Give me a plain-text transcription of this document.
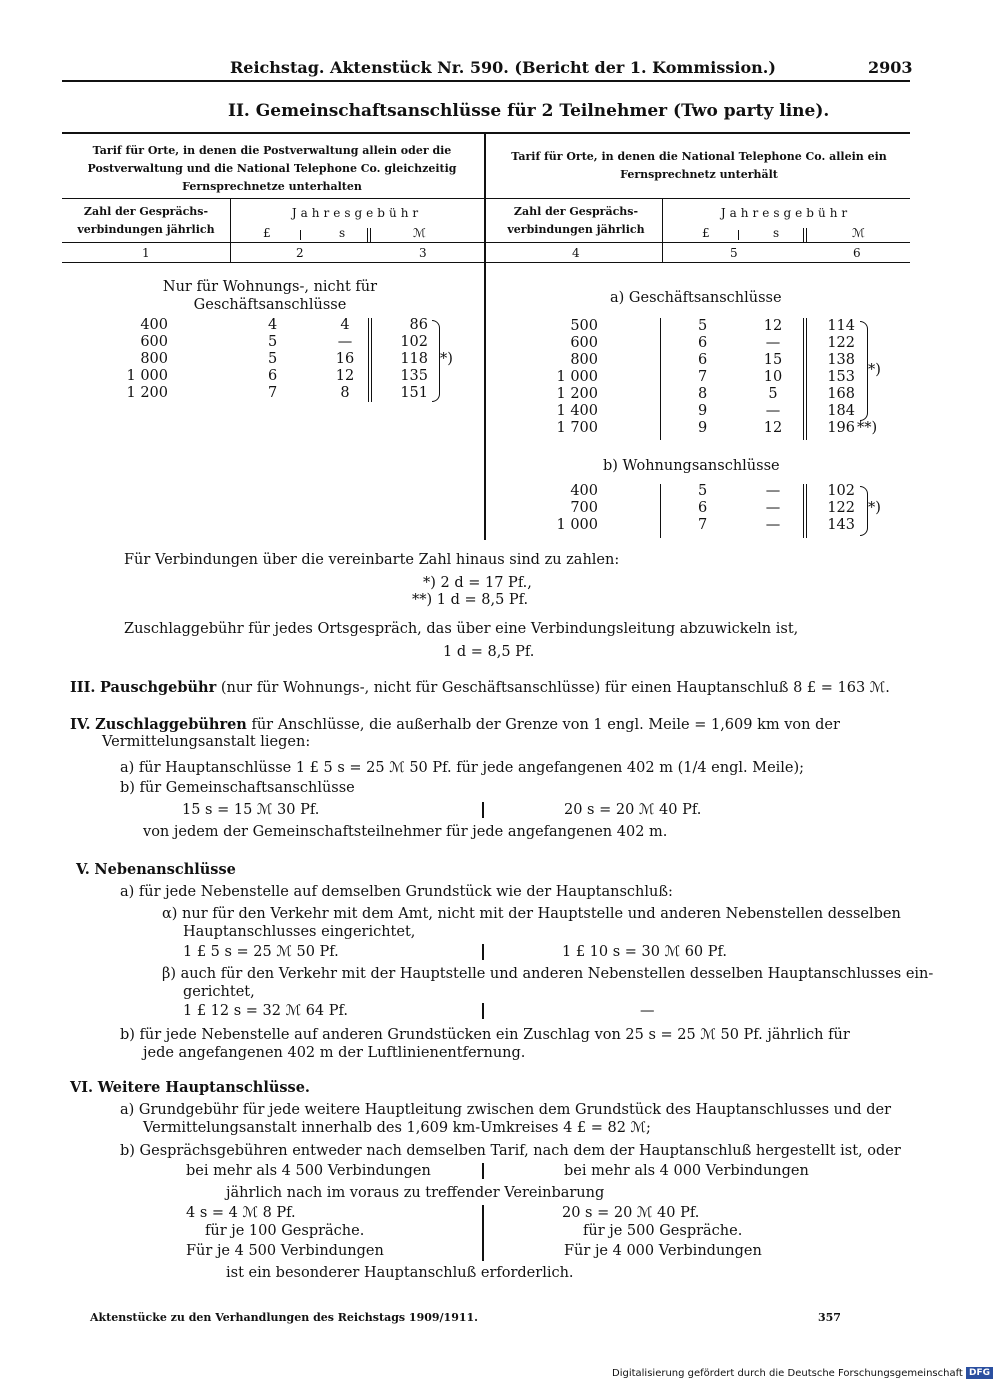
Reichstag. Aktenstück Nr. 590. (Bericht der 1. Kommission.)	2903
II. Gemeinschaftsanschlüsse für 2 Teilnehmer (Two party line).
Tarif für Orte, in denen die Postverwaltung allein oder die Postverwaltung und die National Telephone Co. gleichzeitig Fernsprechnetze unterhalten
Tarif für Orte, in denen die National Telephone Co. allein ein Fernsprechnetz unterhält
Zahl der Gesprächs-verbindungen jährlich
Jahresgebühr
£	s	ℳ
Zahl der Gesprächs-verbindungen jährlich
Jahresgebühr
£	s	ℳ
1	2	3	4	5	6
Nur für Wohnungs-, nicht für Geschäftsanschlüsse
400	4	4	86
600	5	—	102
800	5	16	118
1 000	6	12	135
1 200	7	8	151
*)
a) Geschäftsanschlüsse
500	5	12	114
600	6	—	122
800	6	15	138
1 000	7	10	153
1 200	8	5	168
1 400	9	—	184
1 700	9	12	196
*)
**)
b) Wohnungsanschlüsse
400	5	—	102
700	6	—	122
1 000	7	—	143
*)
Für Verbindungen über die vereinbarte Zahl hinaus sind zu zahlen:
*) 2 d = 17 Pf.,
**) 1 d = 8,5 Pf.
Zuschlaggebühr für jedes Ortsgespräch, das über eine Verbindungsleitung abzuwickeln ist,
1 d = 8,5 Pf.
III. Pauschgebühr (nur für Wohnungs-, nicht für Geschäftsanschlüsse) für einen Hauptanschluß 8 £ = 163 ℳ.
IV. Zuschlaggebühren für Anschlüsse, die außerhalb der Grenze von 1 engl. Meile = 1,609 km von der
Vermittelungsanstalt liegen:
a) für Hauptanschlüsse 1 £ 5 s = 25 ℳ 50 Pf. für jede angefangenen 402 m (1/4 engl. Meile);
b) für Gemeinschaftsanschlüsse
15 s = 15 ℳ 30 Pf.	20 s = 20 ℳ 40 Pf.
von jedem der Gemeinschaftsteilnehmer für jede angefangenen 402 m.
V. Nebenanschlüsse
a) für jede Nebenstelle auf demselben Grundstück wie der Hauptanschluß:
α) nur für den Verkehr mit dem Amt, nicht mit der Hauptstelle und anderen Nebenstellen desselben
Hauptanschlusses eingerichtet,
1 £ 5 s = 25 ℳ 50 Pf.	1 £ 10 s = 30 ℳ 60 Pf.
β) auch für den Verkehr mit der Hauptstelle und anderen Nebenstellen desselben Hauptanschlusses ein-
gerichtet,
1 £ 12 s = 32 ℳ 64 Pf.	—
b) für jede Nebenstelle auf anderen Grundstücken ein Zuschlag von 25 s = 25 ℳ 50 Pf. jährlich für
jede angefangenen 402 m der Luftlinienentfernung.
VI. Weitere Hauptanschlüsse.
a) Grundgebühr für jede weitere Hauptleitung zwischen dem Grundstück des Hauptanschlusses und der
Vermittelungsanstalt innerhalb des 1,609 km-Umkreises 4 £ = 82 ℳ;
b) Gesprächsgebühren entweder nach demselben Tarif, nach dem der Hauptanschluß hergestellt ist, oder
bei mehr als 4 500 Verbindungen	bei mehr als 4 000 Verbindungen
jährlich nach im voraus zu treffender Vereinbarung
4 s = 4 ℳ 8 Pf.	20 s = 20 ℳ 40 Pf.
für je 100 Gespräche.	für je 500 Gespräche.
Für je 4 500 Verbindungen	Für je 4 000 Verbindungen
ist ein besonderer Hauptanschluß erforderlich.
Aktenstücke zu den Verhandlungen des Reichstags 1909/1911.	357
Digitalisierung gefördert durch die Deutsche Forschungsgemeinschaft DFG
